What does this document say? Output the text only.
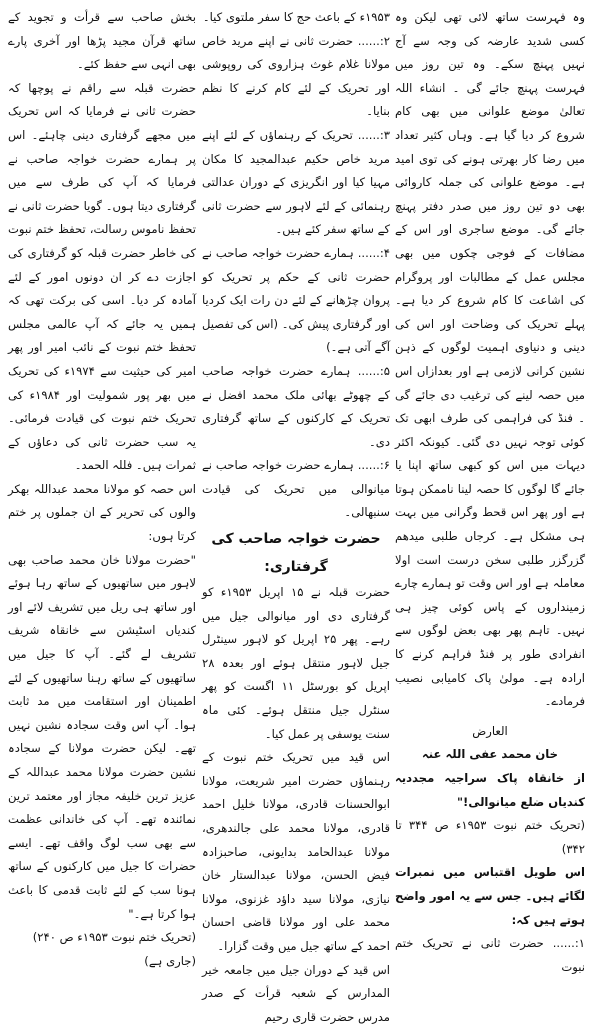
وہ فہرست ساتھ لائی تھی لیکن وہ کسی شدید عارضہ کی وجہ سے آج نہیں پہنچ سکے۔ وہ تین روز میں فہرست پہنچ جائے گی ۔ انشاء اللہ تعالیٰ موضع علوانی میں بھی کام شروع کر دیا گیا ہے۔ وہاں کثیر تعداد میں رضا کار بھرتی ہونے کی توی امید ہے۔ موضع علوانی کی جملہ کاروائی بھی دو تین روز میں صدر دفتر پہنچ جائے گی۔ موضع ساجری اور اس کے مضافات کے فوجی چکوں میں بھی مجلس عمل کے مطالبات اور پروگرام کی اشاعت کا کام شروع کر دیا ہے۔ پہلے تحریک کی وضاحت اور اس کی دینی و دنیاوی اہمیت لوگوں کے ذہن نشین کرانی لازمی ہے اور بعدازاں اس میں حصہ لینے کی ترغیب دی جائے گی ۔ فنڈ کی فراہمی کی طرف ابھی تک کوئی توجہ نہیں دی گئی۔ کیونکہ اکثر دیہات میں اس کو کبھی ساتھ اپنا یا جائے گا لوگوں کا حصہ لینا ناممکن ہوتا ہے اور پھر اس قحط وگرانی میں بہت ہی مشکل ہے۔ کرجاں طلبی میدھم گزرگزر طلبی سخن درست است اولا معاملہ ہے اور اس وقت تو ہمارے چارے زمینداروں کے پاس کوئی چیز ہی نہیں۔ تاہم پھر بھی بعض لوگوں سے انفرادی طور پر فنڈ فراہم کرنے کا ارادہ ہے۔ مولیٰ پاک کامیابی نصیب فرمادے۔

العارض

خان محمد عفی اللہ عنہ

از خانقاہ پاک سراجیہ مجددیہ کندیاں ضلع میانوالی!"

(تحریک ختم نبوت ۱۹۵۳ء ص ۳۴۴ تا ۳۴۲)

اس طویل اقتباس میں نمبرات لگائے ہیں۔ جس سے یہ امور واضح ہوتے ہیں کہ:

۱:...... حضرت ثانی نے تحریک ختم نبوت

۱۹۵۳ء کے باعث حج کا سفر ملتوی کیا۔

۲:...... حضرت ثانی نے اپنے مرید خاص مولانا غلام غوث ہزاروی کی روپوشی اور تحریک کے لئے کام کرنے کا نظم بنایا۔

۳:...... تحریک کے رہنماؤں کے لئے اپنے مرید خاص حکیم عبدالمجید کا مکان مہیا کیا اور انگریزی کے دوران عدالتی رہنمائی کے لئے لاہور سے حضرت ثانی کے ساتھ سفر کئے ہیں۔

۴:...... ہمارے حضرت خواجہ صاحب نے حضرت ثانی کے حکم پر تحریک کو پروان چڑھانے کے لئے دن رات ایک کردیا اور گرفتاری پیش کی۔ (اس کی تفصیل آگے آتی ہے۔)

۵:...... ہمارے حضرت خواجہ صاحب کے چھوٹے بھائی ملک محمد افضل نے تحریک کے کارکنوں کے ساتھ گرفتاری دی۔

۶:...... ہمارے حضرت خواجہ صاحب نے میانوالی میں تحریک کی قیادت سنبھالی۔

حضرت خواجہ صاحب کی گرفتاری:

حضرت قبلہ نے ۱۵ اپریل ۱۹۵۳ء کو گرفتاری دی اور میانوالی جیل میں رہے۔ پھر ۲۵ اپریل کو لاہور سینٹرل جیل لاہور منتقل ہوئے اور بعدہ ۲۸ اپریل کو بورسٹل ۱۱ اگست کو پھر سنٹرل جیل منتقل ہوئے۔ کئی ماہ سنت یوسفی پر عمل کیا۔

اس قید میں تحریک ختم نبوت کے رہنماؤں حضرت امیر شریعت، مولانا ابوالحسنات قادری، مولانا خلیل احمد قادری، مولانا محمد علی جالندھری، مولانا عبدالحامد بدایونی، صاحبزادہ فیض الحسن، مولانا عبدالستار خان نیازی، مولانا سید داؤد غزنوی، مولانا محمد علی اور مولانا قاضی احسان احمد کے ساتھ جیل میں وقت گزارا۔

اس قید کے دوران جیل میں جامعہ خیر المدارس کے شعبہ قرأت کے صدر مدرس حضرت قاری رحیم

بخش صاحب سے قرأت و تجوید کے ساتھ قرآن مجید پڑھا اور آخری پارے بھی انہی سے حفظ کئے۔

حضرت قبلہ سے راقم نے پوچھا کہ حضرت ثانی نے فرمایا کہ اس تحریک میں مجھے گرفتاری دینی چاہئے۔ اس پر ہمارے حضرت خواجہ صاحب نے فرمایا کہ آپ کی طرف سے میں گرفتاری دیتا ہوں۔ گویا حضرت ثانی نے تحفظ ناموس رسالت، تحفظ ختم نبوت کی خاطر حضرت قبلہ کو گرفتاری کی اجازت دے کر ان دونوں امور کے لئے آمادہ کر دیا۔ اسی کی برکت تھی کہ ہمیں یہ جائے کہ آپ عالمی مجلس تحفظ ختم نبوت کے نائب امیر اور پھر امیر کی حیثیت سے ۱۹۷۴ء کی تحریک میں بھر پور شمولیت اور ۱۹۸۴ء کی تحریک ختم نبوت کی قیادت فرمائی۔ یہ سب حضرت ثانی کی دعاؤں کے ثمرات ہیں۔ فللہ الحمد۔

اس حصہ کو مولانا محمد عبداللہ بھکر والوں کی تحریر کے ان جملوں پر ختم کرتا ہوں:

"حضرت مولانا خان محمد صاحب بھی لاہور میں ساتھیوں کے ساتھ رہا ہوئے اور ساتھ ہی ریل میں تشریف لائے اور کندیاں اسٹیشن سے خانقاہ شریف تشریف لے گئے۔ آپ کا جیل میں ساتھیوں کے ساتھ رہنا ساتھیوں کے لئے اطمینان اور استقامت میں مد ثابت ہوا۔ آپ اس وقت سجادہ نشین نہیں تھے۔ لیکن حضرت مولانا کے سجادہ نشین حضرت مولانا محمد عبداللہ کے عزیز ترین خلیفہ مجاز اور معتمد ترین نمائندہ تھے۔ آپ کی خاندانی عظمت سے بھی سب لوگ واقف تھے۔ ایسے حضرات کا جیل میں کارکنوں کے ساتھ ہونا سب کے لئے ثابت قدمی کا باعث ہوا کرتا ہے۔"

(تحریک ختم نبوت ۱۹۵۳ء ص ۲۴۰)

(جاری ہے)
